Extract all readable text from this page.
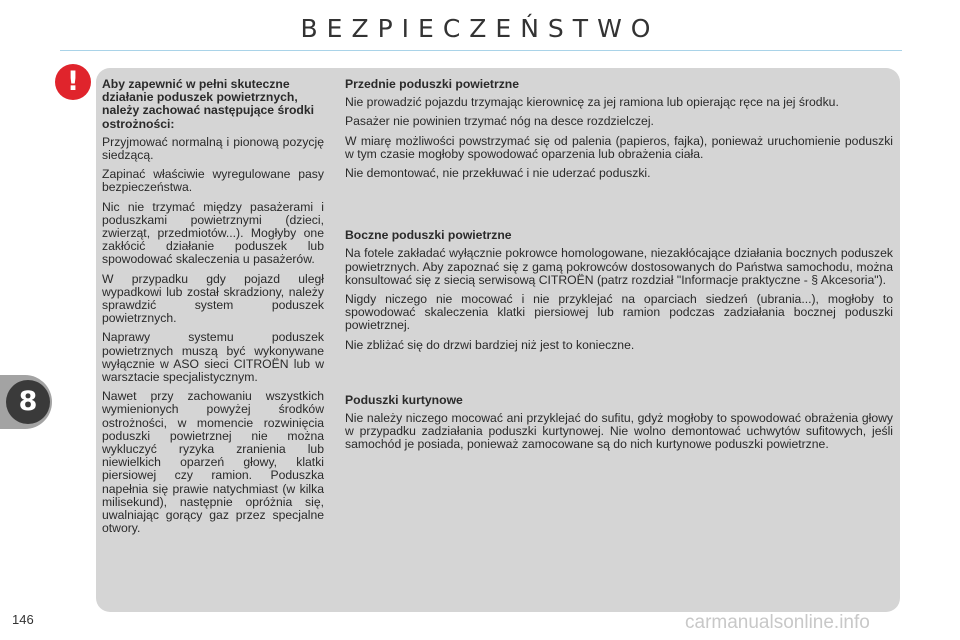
BEZPIECZEŃSTWO
!	Aby zapewnić w pełni skuteczne działanie poduszek powietrznych, należy zachować następujące środki ostrożności:

Przyjmować normalną i pionową pozycję siedzącą.

Zapinać właściwie wyregulowane pasy bezpieczeństwa.

Nic nie trzymać między pasażerami i poduszkami powietrznymi (dzieci, zwierząt, przedmiotów...). Mogłyby one zakłócić działanie poduszek lub spowodować skaleczenia u pasażerów.

W przypadku gdy pojazd uległ wypadkowi lub został skradziony, należy sprawdzić system poduszek powietrznych.

Naprawy systemu poduszek powietrznych muszą być wykonywane wyłącznie w ASO sieci CITROËN lub w warsztacie specjalistycznym.

Nawet przy zachowaniu wszystkich wymienionych powyżej środków ostrożności, w momencie rozwinięcia poduszki powietrznej nie można wykluczyć ryzyka zranienia lub niewielkich oparzeń głowy, klatki piersiowej czy ramion. Poduszka napełnia się prawie natychmiast (w kilka milisekund), następnie opróżnia się, uwalniając gorący gaz przez specjalne otwory.

Przednie poduszki powietrzne

Nie prowadzić pojazdu trzymając kierownicę za jej ramiona lub opierając ręce na jej środku.

Pasażer nie powinien trzymać nóg na desce rozdzielczej.

W miarę możliwości powstrzymać się od palenia (papieros, fajka), ponieważ uruchomienie poduszki w tym czasie mogłoby spowodować oparzenia lub obrażenia ciała.

Nie demontować, nie przekłuwać i nie uderzać poduszki.

Boczne poduszki powietrzne

Na fotele zakładać wyłącznie pokrowce homologowane, niezakłócające działania bocznych poduszek powietrznych. Aby zapoznać się z gamą pokrowców dostosowanych do Państwa samochodu, można konsultować się z siecią serwisową CITROËN (patrz rozdział "Informacje praktyczne - § Akcesoria").

Nigdy niczego nie mocować i nie przyklejać na oparciach siedzeń (ubrania...), mogłoby to spowodować skaleczenia klatki piersiowej lub ramion podczas zadziałania bocznej poduszki powietrznej.

Nie zbliżać się do drzwi bardziej niż jest to konieczne.

Poduszki kurtynowe

Nie należy niczego mocować ani przyklejać do sufitu, gdyż mogłoby to spowodować obrażenia głowy w przypadku zadziałania poduszki kurtynowej. Nie wolno demontować uchwytów sufitowych, jeśli samochód je posiada, ponieważ zamocowane są do nich kurtynowe poduszki powietrzne.

8
146	carmanualsonline.info
